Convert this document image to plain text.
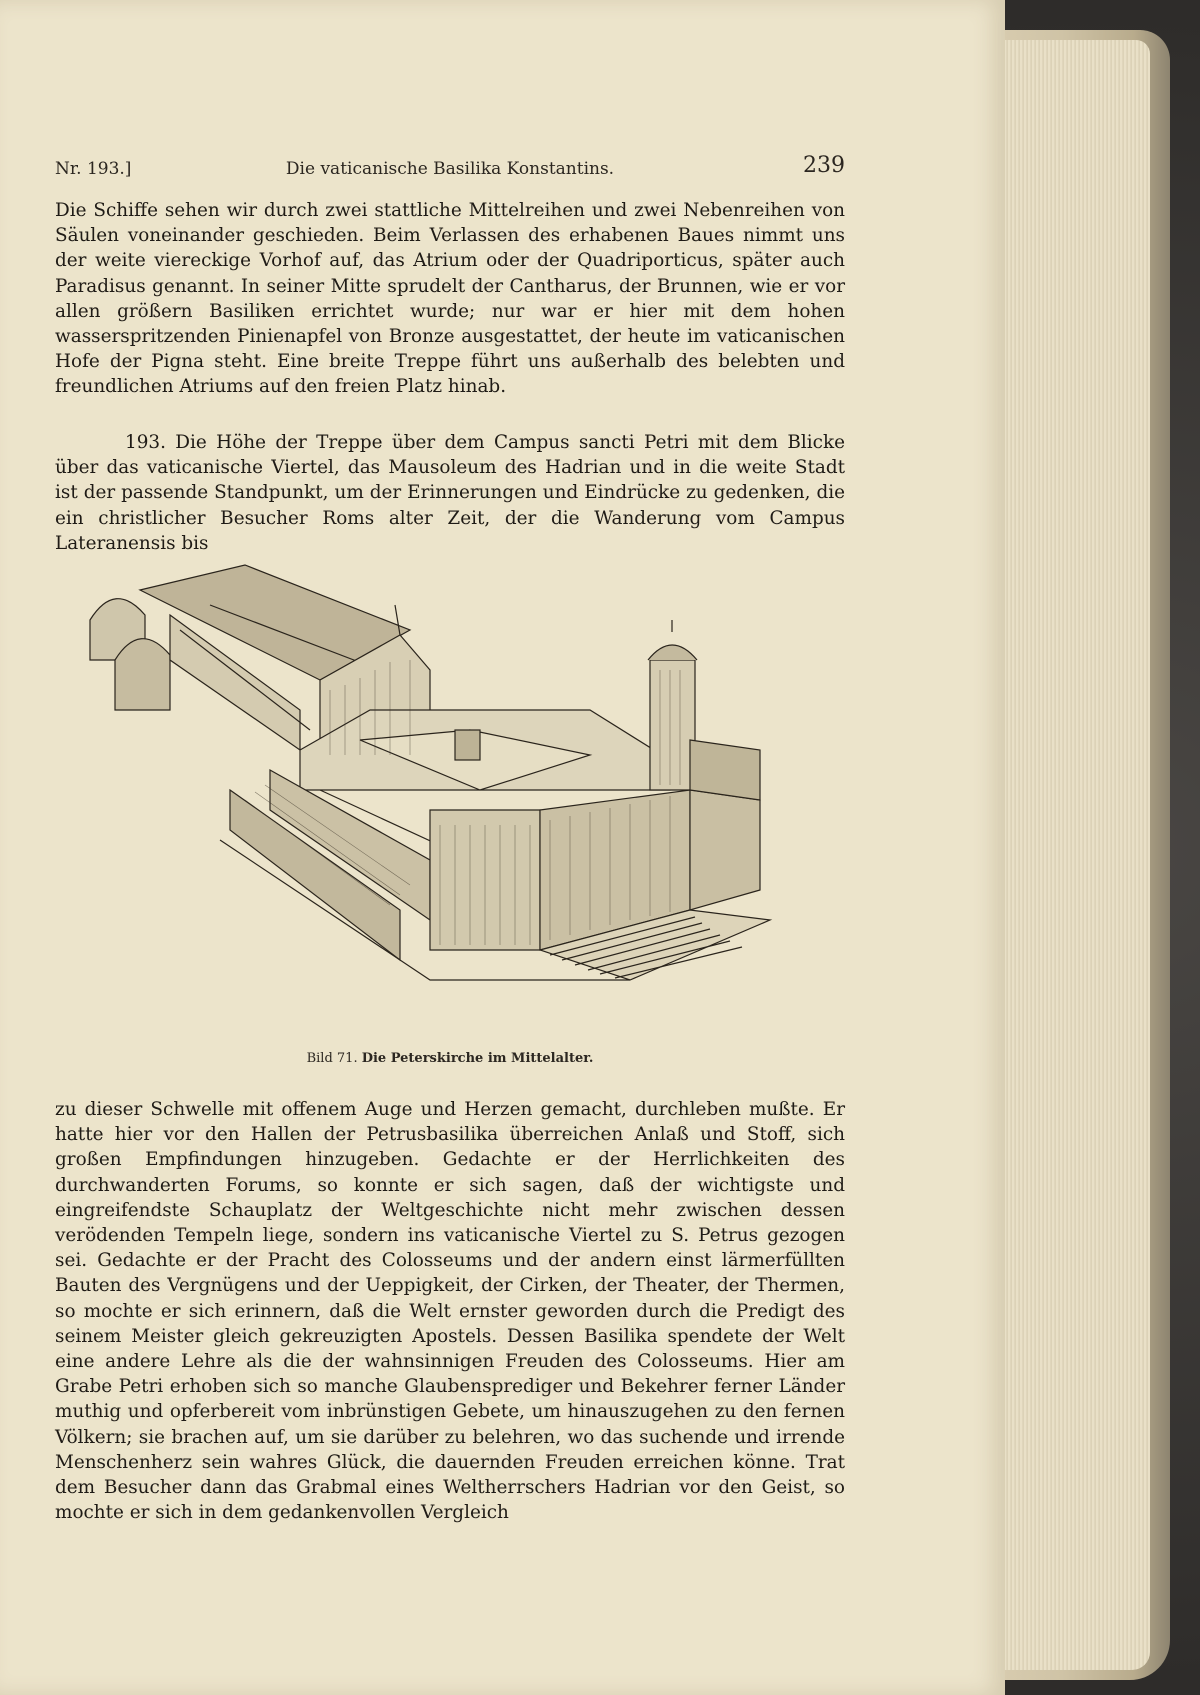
Nr. 193.]	Die vaticanische Basilika Konstantins.	239

Die Schiffe sehen wir durch zwei stattliche Mittelreihen und zwei Nebenreihen von Säulen voneinander geschieden. Beim Verlassen des erhabenen Baues nimmt uns der weite viereckige Vorhof auf, das Atrium oder der Quadriporticus, später auch Paradisus genannt. In seiner Mitte sprudelt der Cantharus, der Brunnen, wie er vor allen größern Basiliken errichtet wurde; nur war er hier mit dem hohen wasserspritzenden Pinienapfel von Bronze ausgestattet, der heute im vaticanischen Hofe der Pigna steht. Eine breite Treppe führt uns außerhalb des belebten und freundlichen Atriums auf den freien Platz hinab.

193. Die Höhe der Treppe über dem Campus sancti Petri mit dem Blicke über das vaticanische Viertel, das Mausoleum des Hadrian und in die weite Stadt ist der passende Standpunkt, um der Erinnerungen und Eindrücke zu gedenken, die ein christlicher Besucher Roms alter Zeit, der die Wanderung vom Campus Lateranensis bis

Bild 71. Die Peterskirche im Mittelalter.

zu dieser Schwelle mit offenem Auge und Herzen gemacht, durchleben mußte. Er hatte hier vor den Hallen der Petrusbasilika überreichen Anlaß und Stoff, sich großen Empfindungen hinzugeben. Gedachte er der Herrlichkeiten des durchwanderten Forums, so konnte er sich sagen, daß der wichtigste und eingreifendste Schauplatz der Weltgeschichte nicht mehr zwischen dessen verödenden Tempeln liege, sondern ins vaticanische Viertel zu S. Petrus gezogen sei. Gedachte er der Pracht des Colosseums und der andern einst lärmerfüllten Bauten des Vergnügens und der Ueppigkeit, der Cirken, der Theater, der Thermen, so mochte er sich erinnern, daß die Welt ernster geworden durch die Predigt des seinem Meister gleich gekreuzigten Apostels. Dessen Basilika spendete der Welt eine andere Lehre als die der wahnsinnigen Freuden des Colosseums. Hier am Grabe Petri erhoben sich so manche Glaubensprediger und Bekehrer ferner Länder muthig und opferbereit vom inbrünstigen Gebete, um hinauszugehen zu den fernen Völkern; sie brachen auf, um sie darüber zu belehren, wo das suchende und irrende Menschenherz sein wahres Glück, die dauernden Freuden erreichen könne. Trat dem Besucher dann das Grabmal eines Weltherrschers Hadrian vor den Geist, so mochte er sich in dem gedankenvollen Vergleich
